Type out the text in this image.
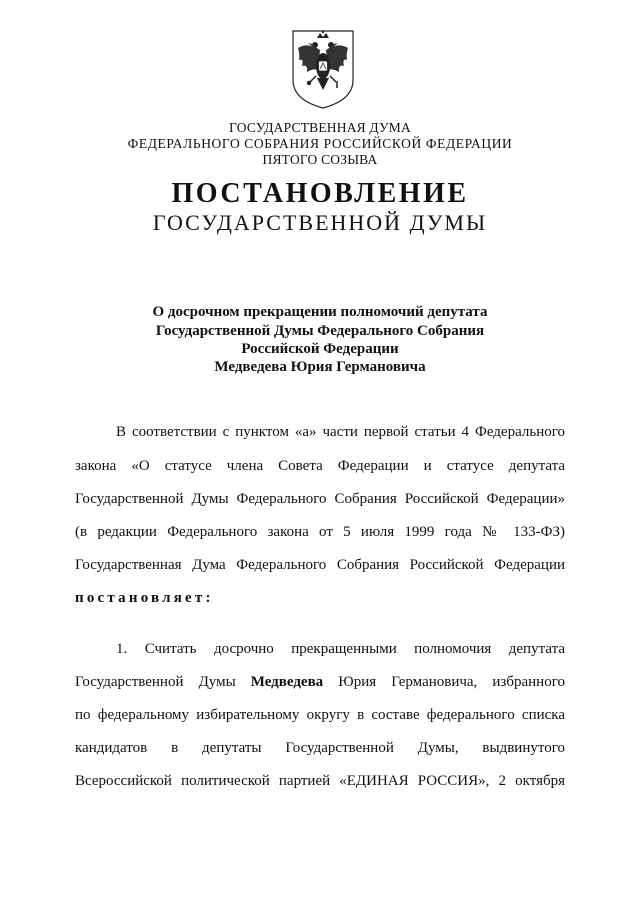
ГОСУДАРСТВЕННАЯ ДУМА
ФЕДЕРАЛЬНОГО СОБРАНИЯ РОССИЙСКОЙ ФЕДЕРАЦИИ
ПЯТОГО СОЗЫВА
ПОСТАНОВЛЕНИЕ
ГОСУДАРСТВЕННОЙ ДУМЫ
О досрочном прекращении полномочий депутата
Государственной Думы Федерального Собрания
Российской Федерации
Медведева Юрия Германовича
В соответствии с пунктом «а» части первой статьи 4 Федерального
закона «О статусе члена Совета Федерации и статусе депутата
Государственной Думы Федерального Собрания Российской Федерации»
(в редакции Федерального закона от 5 июля 1999 года № 133-ФЗ)
Государственная Дума Федерального Собрания Российской Федерации
постановляет:
1. Считать досрочно прекращенными полномочия депутата
Государственной Думы Медведева Юрия Германовича, избранного
по федеральному избирательному округу в составе федерального списка
кандидатов в депутаты Государственной Думы, выдвинутого
Всероссийской политической партией «ЕДИНАЯ РОССИЯ», 2 октября
